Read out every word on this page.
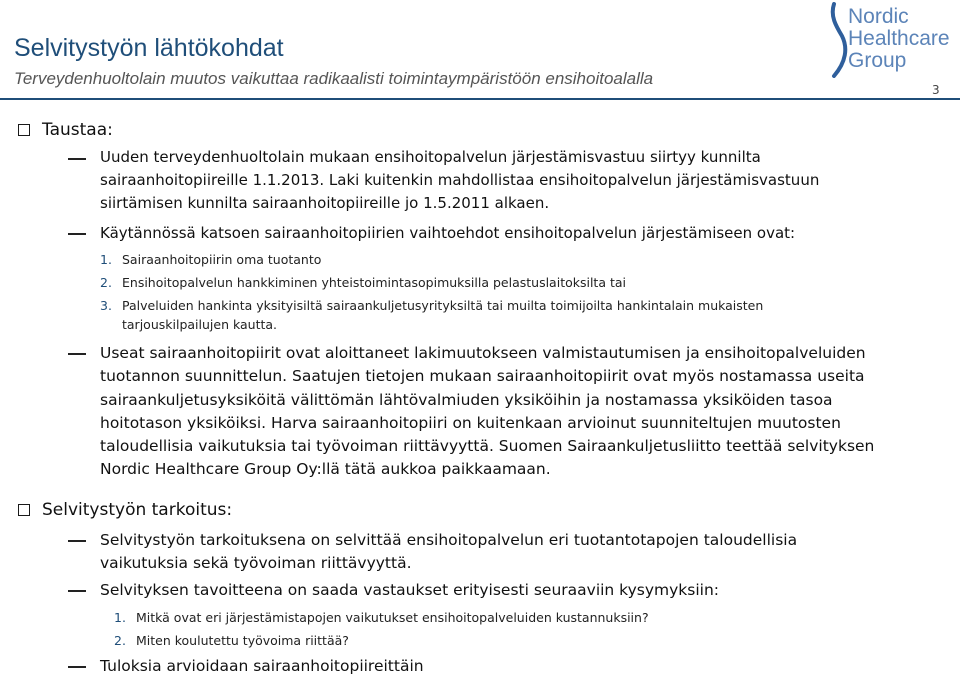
Selvitystyön lähtökohdat

Terveydenhuoltolain muutos vaikuttaa radikaalisti toimintaympäristöön ensihoitoalalla

3
Nordic
Healthcare
Group
Taustaa:
Uuden terveydenhuoltolain mukaan ensihoitopalvelun järjestämisvastuu siirtyy kunnilta sairaanhoitopiireille 1.1.2013. Laki kuitenkin mahdollistaa ensihoitopalvelun järjestämisvastuun siirtämisen kunnilta sairaanhoitopiireille jo 1.5.2011 alkaen.
Käytännössä katsoen sairaanhoitopiirien vaihtoehdot ensihoitopalvelun järjestämiseen ovat:
1. Sairaanhoitopiirin oma tuotanto
2. Ensihoitopalvelun hankkiminen yhteistoimintasopimuksilla pelastuslaitoksilta tai
3. Palveluiden hankinta yksityisiltä sairaankuljetusyrityksiltä tai muilta toimijoilta hankintalain mukaisten tarjouskilpailujen kautta.
Useat sairaanhoitopiirit ovat aloittaneet lakimuutokseen valmistautumisen ja ensihoitopalveluiden tuotannon suunnittelun. Saatujen tietojen mukaan sairaanhoitopiirit ovat myös nostamassa useita sairaankuljetusyksiköitä välittömän lähtövalmiuden yksiköihin ja nostamassa yksiköiden tasoa hoitotason yksiköiksi. Harva sairaanhoitopiiri on kuitenkaan arvioinut suunniteltujen muutosten taloudellisia vaikutuksia tai työvoiman riittävyyttä. Suomen Sairaankuljetusliitto teettää selvityksen Nordic Healthcare Group Oy:llä tätä aukkoa paikkaamaan.
Selvitystyön tarkoitus:
Selvitystyön tarkoituksena on selvittää ensihoitopalvelun eri tuotantotapojen taloudellisia vaikutuksia sekä työvoiman riittävyyttä.
Selvityksen tavoitteena on saada vastaukset erityisesti seuraaviin kysymyksiin:
1. Mitkä ovat eri järjestämistapojen vaikutukset ensihoitopalveluiden kustannuksiin?
2. Miten koulutettu työvoima riittää?
Tuloksia arvioidaan sairaanhoitopiireittäin
